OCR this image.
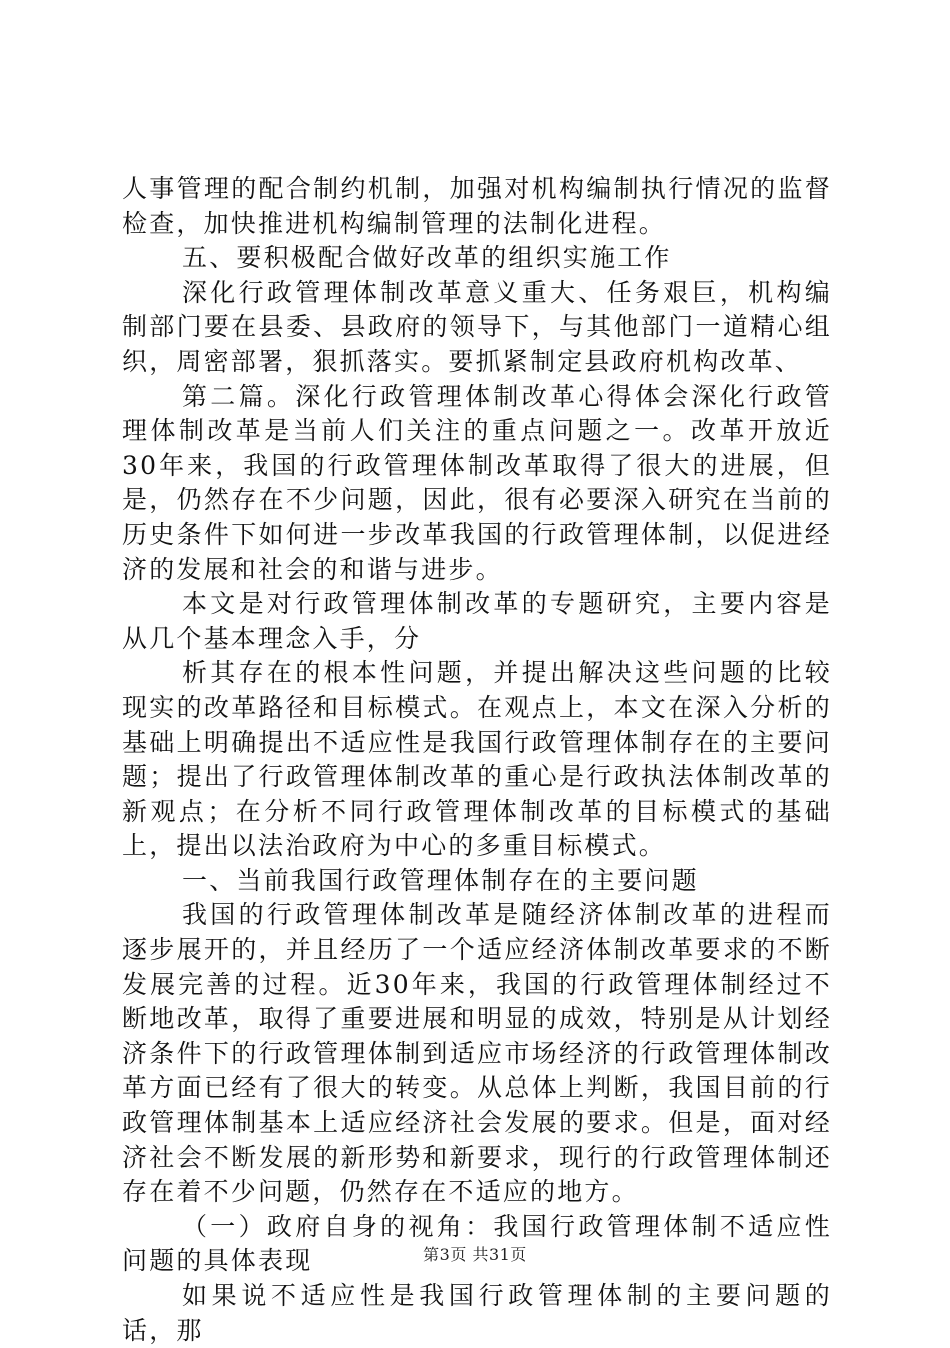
人事管理的配合制约机制，加强对机构编制执行情况的监督检查，加快推进机构编制管理的法制化进程。

五、要积极配合做好改革的组织实施工作

深化行政管理体制改革意义重大、任务艰巨，机构编制部门要在县委、县政府的领导下，与其他部门一道精心组织，周密部署，狠抓落实。要抓紧制定县政府机构改革、

第二篇。深化行政管理体制改革心得体会深化行政管理体制改革是当前人们关注的重点问题之一。改革开放近30年来，我国的行政管理体制改革取得了很大的进展，但是，仍然存在不少问题，因此，很有必要深入研究在当前的历史条件下如何进一步改革我国的行政管理体制，以促进经济的发展和社会的和谐与进步。

本文是对行政管理体制改革的专题研究，主要内容是从几个基本理念入手，分

析其存在的根本性问题，并提出解决这些问题的比较现实的改革路径和目标模式。在观点上，本文在深入分析的基础上明确提出不适应性是我国行政管理体制存在的主要问题；提出了行政管理体制改革的重心是行政执法体制改革的新观点；在分析不同行政管理体制改革的目标模式的基础上，提出以法治政府为中心的多重目标模式。

一、当前我国行政管理体制存在的主要问题

我国的行政管理体制改革是随经济体制改革的进程而逐步展开的，并且经历了一个适应经济体制改革要求的不断发展完善的过程。近30年来，我国的行政管理体制经过不断地改革，取得了重要进展和明显的成效，特别是从计划经济条件下的行政管理体制到适应市场经济的行政管理体制改革方面已经有了很大的转变。从总体上判断，我国目前的行政管理体制基本上适应经济社会发展的要求。但是，面对经济社会不断发展的新形势和新要求，现行的行政管理体制还存在着不少问题，仍然存在不适应的地方。

（一）政府自身的视角：我国行政管理体制不适应性问题的具体表现

如果说不适应性是我国行政管理体制的主要问题的话，那

第3页 共31页
